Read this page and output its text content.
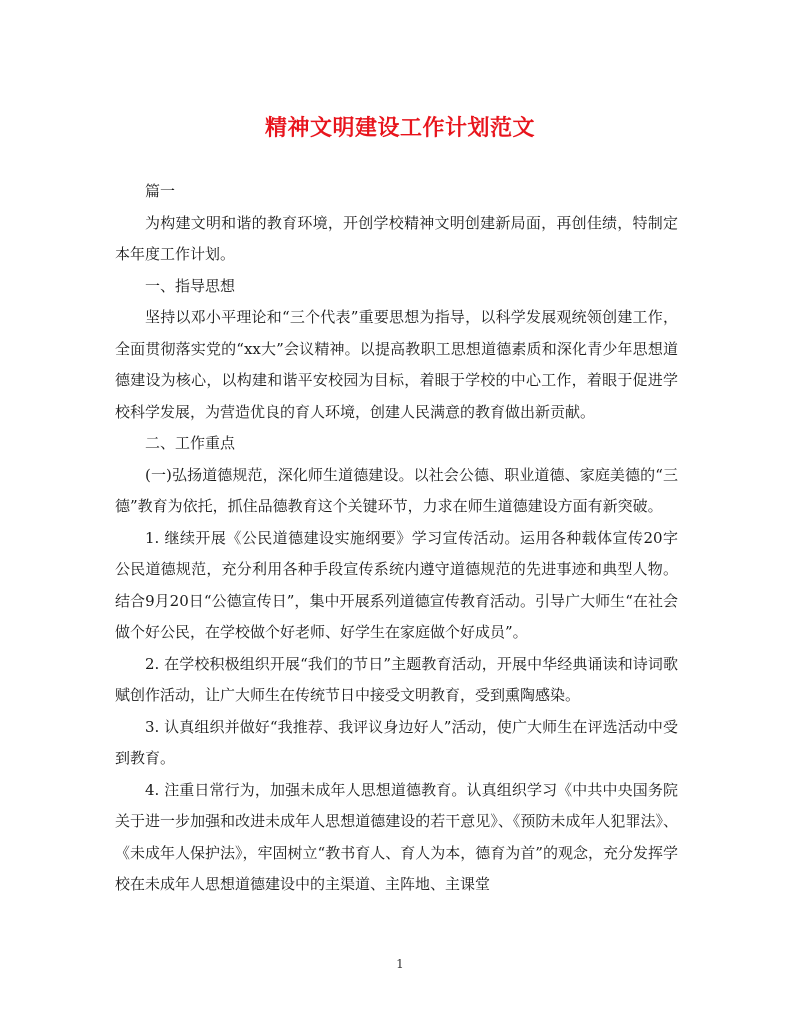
精神文明建设工作计划范文

篇一

为构建文明和谐的教育环境，开创学校精神文明创建新局面，再创佳绩，特制定本年度工作计划。

一、指导思想

坚持以邓小平理论和“三个代表”重要思想为指导，以科学发展观统领创建工作，全面贯彻落实党的“xx大”会议精神。以提高教职工思想道德素质和深化青少年思想道德建设为核心，以构建和谐平安校园为目标，着眼于学校的中心工作，着眼于促进学校科学发展，为营造优良的育人环境，创建人民满意的教育做出新贡献。

二、工作重点

(一)弘扬道德规范，深化师生道德建设。以社会公德、职业道德、家庭美德的“三德”教育为依托，抓住品德教育这个关键环节，力求在师生道德建设方面有新突破。

1. 继续开展《公民道德建设实施纲要》学习宣传活动。运用各种载体宣传20字公民道德规范，充分利用各种手段宣传系统内遵守道德规范的先进事迹和典型人物。结合9月20日“公德宣传日”，集中开展系列道德宣传教育活动。引导广大师生“在社会做个好公民，在学校做个好老师、好学生在家庭做个好成员”。

2. 在学校积极组织开展“我们的节日”主题教育活动，开展中华经典诵读和诗词歌赋创作活动，让广大师生在传统节日中接受文明教育，受到熏陶感染。

3. 认真组织并做好“我推荐、我评议身边好人”活动，使广大师生在评选活动中受到教育。

4. 注重日常行为，加强未成年人思想道德教育。认真组织学习《中共中央国务院关于进一步加强和改进未成年人思想道德建设的若干意见》、《预防未成年人犯罪法》、《未成年人保护法》，牢固树立“教书育人、育人为本，德育为首”的观念，充分发挥学校在未成年人思想道德建设中的主渠道、主阵地、主课堂

1
